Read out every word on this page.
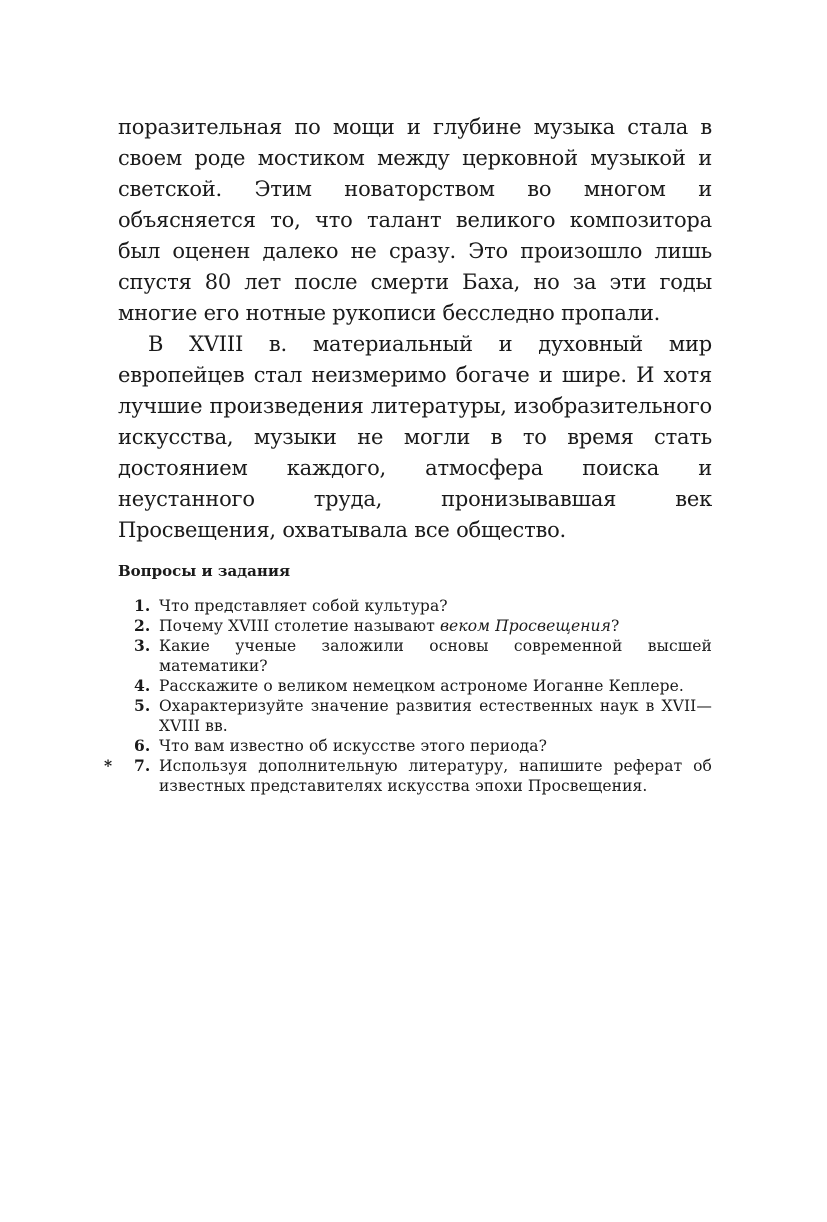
поразительная по мощи и глубине музыка стала в своем роде мостиком между церковной музыкой и светской. Этим новаторством во многом и объясняется то, что талант великого композитора был оценен далеко не сразу. Это произошло лишь спустя 80 лет после смерти Баха, но за эти годы многие его нотные рукописи бесследно пропали.

В XVIII в. материальный и духовный мир европейцев стал неизмеримо богаче и шире. И хотя лучшие произведения литературы, изобразительного искусства, музыки не могли в то время стать достоянием каждого, атмосфера поиска и неустанного труда, пронизывавшая век Просвещения, охватывала все общество.

Вопросы и задания
1. Что представляет собой культура?
2. Почему XVIII столетие называют веком Просвещения?
3. Какие ученые заложили основы современной высшей математики?
4. Расскажите о великом немецком астрономе Иоганне Кеплере.
5. Охарактеризуйте значение развития естественных наук в XVII—XVIII вв.
6. Что вам известно об искусстве этого периода?
* 7. Используя дополнительную литературу, напишите реферат об известных представителях искусства эпохи Просвещения.
